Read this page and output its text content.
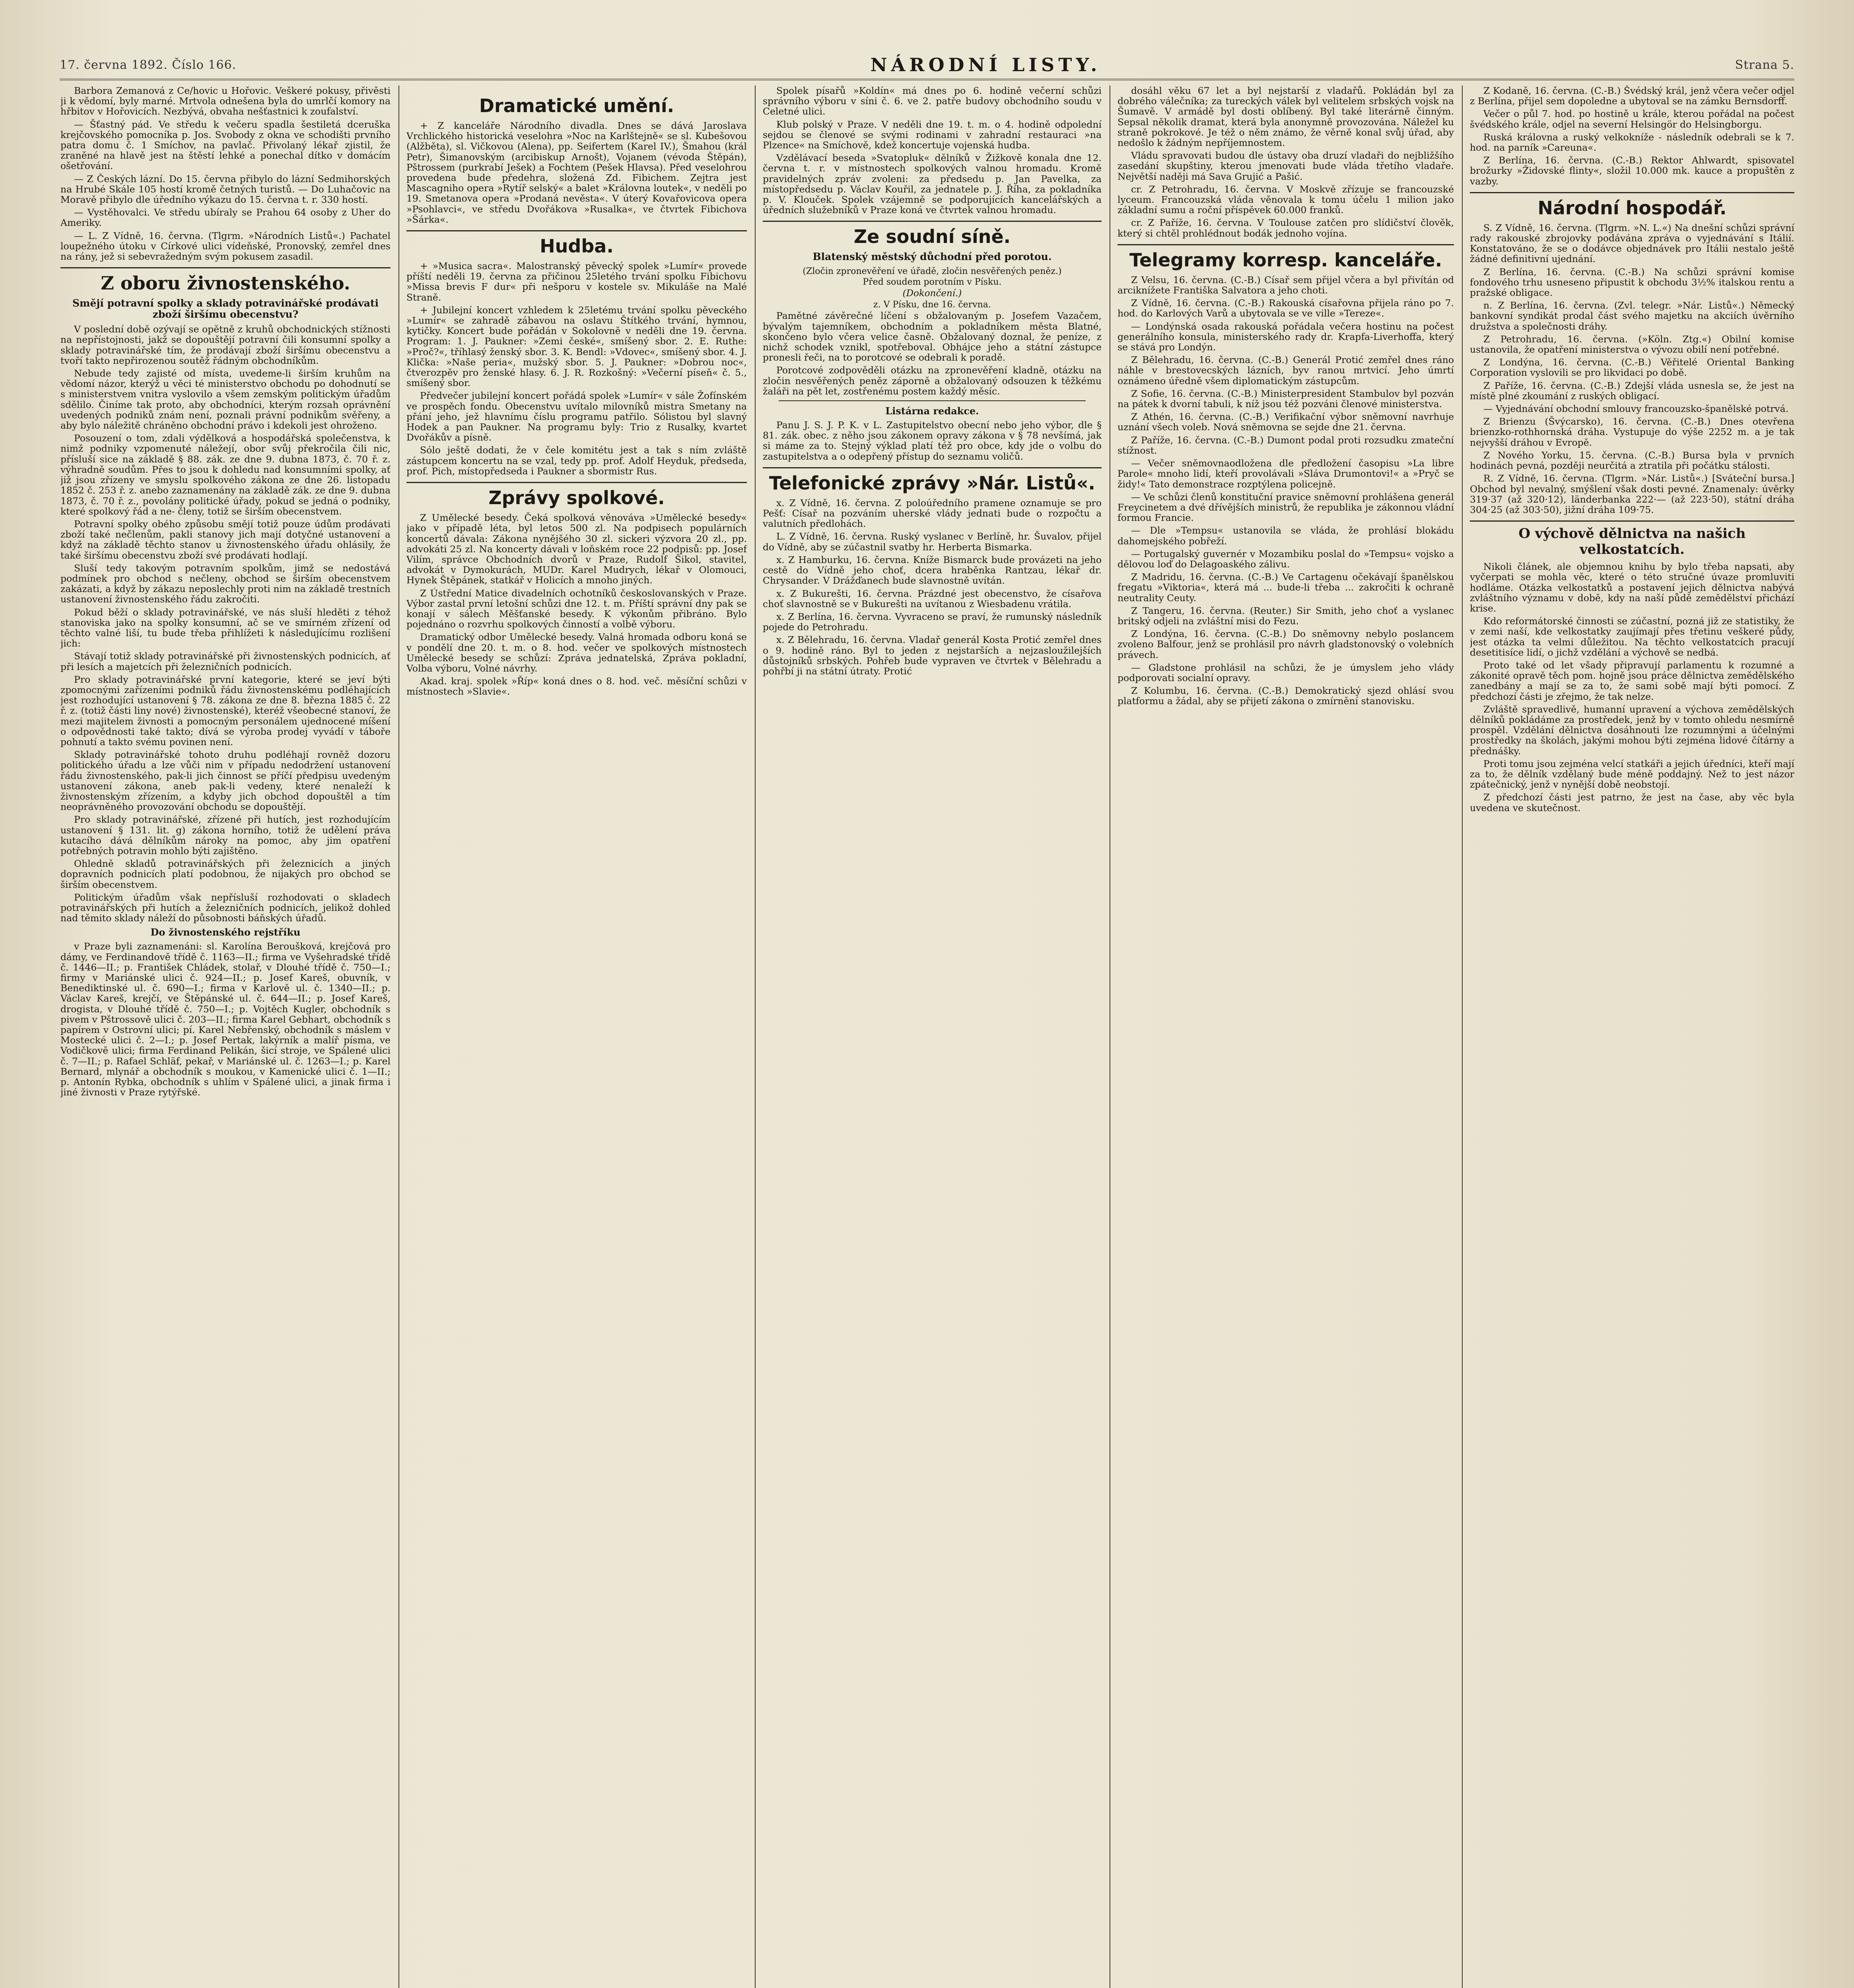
17. června 1892. Číslo 166.	NÁRODNÍ LISTY.	Strana 5.

Barbora Zemanová z Ce/hovic u Hořovic. Veškeré pokusy, přivěsti ji k vědomí, byly marné. Mrtvola odnešena byla do umrlčí komory na hřbitov v Hořovicích. Nezbývá, obvaha nešťastnici k zoufalství.

— Šťastný pád. Ve středu k večeru spadla šestiletá dceruška krejčovského pomocníka p. Jos. Svobody z okna ve schodišti prvního patra domu č. 1 Smíchov, na pavlač. Přivolaný lékař zjistil, že zraněné na hlavě jest na štěstí lehké a ponechal dítko v domácím ošetřování.

— Z Českých lázní. Do 15. června přibylo do lázní Sedmihorských na Hrubé Skále 105 hostí kromě četných turistů. — Do Luhačovic na Moravě přibylo dle úředního výkazu do 15. června t. r. 330 hostí.

— Vystěhovalci. Ve středu ubíraly se Prahou 64 osoby z Uher do Ameriky.

— L. Z Vídně, 16. června. (Tlgrm. »Národních Listů«.) Pachatel loupežného útoku v Církové ulici vídeňské, Pronovský, zemřel dnes na rány, jež si sebevražedným svým pokusem zasadil.

Z oboru živnostenského.
Smějí potravní spolky a sklady potravinářské prodávati zboží širšímu obecenstvu?

V poslední době ozývají se opětně z kruhů obchodnických stížnosti na nepřístojnosti, jakž se dopouštějí potravní čili konsumní spolky a sklady potravinářské tím, že prodávají zboží širšímu obecenstvu a tvoří takto nepřirozenou soutěž řádným obchodníkům.

Nebude tedy zajisté od místa, uvedeme-li širším kruhům na vědomí názor, kterýž u věci té ministerstvo obchodu po dohodnutí se s ministerstvem vnitra vyslovilo a všem zemským politickým úřadům sdělilo. Činíme tak proto, aby obchodníci, kterým rozsah oprávnění uvedených podniků znám není, poznali právní podnikům svěřeny, a aby bylo náležitě chráněno obchodní právo i kdekoli jest ohroženo.

Posouzení o tom, zdali výdělková a hospodářská společenstva, k nimž podniky vzpomenuté náležejí, obor svůj překročila čili nic, přísluší sice na základě § 88. zák. ze dne 9. dubna 1873, č. 70 ř. z. výhradně soudům. Přes to jsou k dohledu nad konsumními spolky, ať již jsou zřízeny ve smyslu spolkového zákona ze dne 26. listopadu 1852 č. 253 ř. z. anebo zaznamenány na základě zák. ze dne 9. dubna 1873, č. 70 ř. z., povolány politické úřady, pokud se jedná o podniky, které spolkový řád a ne- členy, totiž se širším obecenstvem.

Potravní spolky obého způsobu smějí totiž pouze údům prodávati zboží také nečlenům, pakli stanovy jich mají dotyčné ustanovení a když na základě těchto stanov u živnostenského úřadu ohlásily, že také širšímu obecenstvu zboží své prodávati hodlají.

Sluší tedy takovým potravním spolkům, jimž se nedostává podmínek pro obchod s nečleny, obchod se širším obecenstvem zakázati, a když by zákazu neposlechly proti nim na základě trestních ustanovení živnostenského řádu zakročiti.

Pokud běží o sklady potravinářské, ve nás sluší hleděti z téhož stanoviska jako na spolky konsumní, ač se ve smírném zřízení od těchto valné liší, tu bude třeba přihlížeti k následujícímu rozlišení jich:

Stávají totiž sklady potravinářské při živnostenských podnicích, ať při lesích a majetcích při železničních podnicích.

Pro sklady potravinářské první kategorie, které se jeví býti zpomocnými zařízeními podniků řádu živnostenskému podléhajících jest rozhodující ustanovení § 78. zákona ze dne 8. března 1885 č. 22 ř. z. (totiž části liny nové) živnostenské), kteréž všeobecné stanoví, že mezi majitelem živnosti a pomocným personálem ujednocené míšení o odpovědnosti také takto; dívá se výroba prodej vyvádí v táboře pohnutí a takto svému povinen není.

Sklady potravinářské tohoto druhu podléhají rovněž dozoru politického úřadu a lze vůči nim v případu nedodržení ustanovení řádu živnostenského, pak-li jich činnost se příčí předpisu uvedeným ustanovení zákona, aneb pak-li vedeny, které nenaleží k živnostenským zřízením, a kdyby jich obchod dopouštěl a tím neoprávněného provozování obchodu se dopouštějí.

Pro sklady potravinářské, zřízené při hutích, jest rozhodujícím ustanovení § 131. lit. g) zákona horního, totiž že udělení práva kutacího dává dělníkům nároky na pomoc, aby jim opatření potřebných potravin mohlo býti zajištěno.

Ohledně skladů potravinářských při železnicích a jiných dopravních podnicích platí podobnou, že nijakých pro obchod se širším obecenstvem.

Politickým úřadům však nepřísluší rozhodovati o skladech potravinářských při hutích a železničních podnicích, jelikož dohled nad těmito sklady náleží do působnosti báňských úřadů.

Do živnostenského rejstříku

v Praze byli zaznamenáni: sl. Karolína Beroušková, krejčová pro dámy, ve Ferdinandově třídě č. 1163—II.; firma ve Vyšehradské třídě č. 1446—II.; p. František Chládek, stolař, v Dlouhé třídě č. 750—I.; firmy v Mariánské ulici č. 924—II.; p. Josef Kareš, obuvník, v Benediktinské ul. č. 690—I.; firma v Karlově ul. č. 1340—II.; p. Václav Kareš, krejčí, ve Štěpánské ul. č. 644—II.; p. Josef Kareš, drogista, v Dlouhé třídě č. 750—I.; p. Vojtěch Kugler, obchodník s pivem v Pštrossově ulici č. 203—II.; firma Karel Gebhart, obchodník s papírem v Ostrovní ulici; pí. Karel Nebřenský, obchodník s máslem v Mostecké ulici č. 2—I.; p. Josef Pertak, lakýrník a malíř písma, ve Vodičkově ulici; firma Ferdinand Pelikán, šicí stroje, ve Spálené ulici č. 7—II.; p. Rafael Schläf, pekař, v Mariánské ul. č. 1263—I.; p. Karel Bernard, mlynář a obchodník s moukou, v Kamenické ulici č. 1—II.; p. Antonín Rybka, obchodník s uhlím v Spálené ulici, a jinak firma i jiné živnosti v Praze rytýřské.

Dramatické umění.

+ Z kanceláře Národního divadla. Dnes se dává Jaroslava Vrchlického historická veselohra »Noc na Karlštejně« se sl. Kubešovou (Alžběta), sl. Vičkovou (Alena), pp. Seifertem (Karel IV.), Šmahou (král Petr), Šimanovským (arcibiskup Arnošt), Vojanem (vévoda Štěpán), Pštrossem (purkrabí Ješek) a Fochtem (Pešek Hlavsa). Před veselohrou provedena bude předehra, složená Zd. Fibichem. Zejtra jest Mascagniho opera »Rytíř selský« a balet »Královna loutek«, v neděli po 19. Smetanova opera »Prodaná nevěsta«. V úterý Kovařovicova opera »Psohlavci«, ve středu Dvořákova »Rusalka«, ve čtvrtek Fibichova »Šárka«.

Hudba.

+ »Musica sacra«. Malostranský pěvecký spolek »Lumír« provede příští neděli 19. června za přičinou 25letého trvání spolku Fibichovu »Missa brevis F dur« při nešporu v kostele sv. Mikuláše na Malé Straně.

+ Jubilejní koncert vzhledem k 25letému trvání spolku pěveckého »Lumír« se zahradě zábavou na oslavu Štítkého trvání, hymnou, kytičky. Koncert bude pořádán v Sokolovně v neděli dne 19. června. Program: 1. J. Paukner: »Zemi české«, smíšený sbor. 2. E. Ruthe: »Proč?«, tříhlasý ženský sbor. 3. K. Bendl: »Vdovec«, smíšený sbor. 4. J. Klička: »Naše peria«, mužský sbor. 5. J. Paukner: »Dobrou noc«, čtverozpěv pro ženské hlasy. 6. J. R. Rozkošný: »Večerní píseň« č. 5., smíšený sbor.

Předvečer jubilejní koncert pořádá spolek »Lumír« v sále Žofínském ve prospěch fondu. Obecenstvu uvítalo milovníků mistra Smetany na přání jeho, jež hlavnímu číslu programu patřilo. Sólistou byl slavný Hodek a pan Paukner. Na programu byly: Trio z Rusalky, kvartet Dvořákův a písně.

Sólo ještě dodati, že v čele komitétu jest a tak s ním zvláště zástupcem koncertu na se vzal, tedy pp. prof. Adolf Heyduk, předseda, prof. Pich, místopředseda i Paukner a sbormistr Rus.

Zprávy spolkové.

Z Umělecké besedy. Čeká spolková věnováva »Umělecké besedy« jako v případě léta, byl letos 500 zl. Na podpisech populárních koncertů dávala: Zákona nynějšého 30 zl. sickeri výzvora 20 zl., pp. advokáti 25 zl. Na koncerty dávali v loňském roce 22 podpisů: pp. Josef Vilím, správce Obchodních dvorů v Praze, Rudolf Šikol, stavitel, advokát v Dymokurách, MUDr. Karel Mudrych, lékař v Olomouci, Hynek Štěpánek, statkář v Holicích a mnoho jiných.

Z Ústřední Matice divadelních ochotníků českoslovanských v Praze. Výbor zastal první letošní schůzi dne 12. t. m. Příští správní dny pak se konají v sálech Měšťanské besedy. K výkonům přibráno. Bylo pojednáno o rozvrhu spolkových činností a volbě výboru.

Dramatický odbor Umělecké besedy. Valná hromada odboru koná se v pondělí dne 20. t. m. o 8. hod. večer ve spolkových místnostech Umělecké besedy se schůzí: Zpráva jednatelská, Zpráva pokladní, Volba výboru, Volné návrhy.

Akad. kraj. spolek »Říp« koná dnes o 8. hod. več. měsíční schůzi v místnostech »Slavie«.

Spolek písařů »Koldín« má dnes po 6. hodině večerní schůzi správního výboru v síni č. 6. ve 2. patře budovy obchodního soudu v Celetné ulici.

Klub polský v Praze. V neděli dne 19. t. m. o 4. hodině odpolední sejdou se členové se svými rodinami v zahradní restauraci »na Plzence« na Smíchově, kdež koncertuje vojenská hudba.

Vzdělávací beseda »Svatopluk« dělníků v Žižkově konala dne 12. června t. r. v místnostech spolkových valnou hromadu. Kromě pravidelných zpráv zvoleni: za předsedu p. Jan Pavelka, za místopředsedu p. Václav Kouřil, za jednatele p. J. Říha, za pokladníka p. V. Klouček. Spolek vzájemně se podporujících kancelářských a úředních služebníků v Praze koná ve čtvrtek valnou hromadu.

Ze soudní síně.
Blatenský městský důchodní před porotou.
(Zločin zpronevěření ve úřadě, zločin nesvěřených peněz.)
Před soudem porotním v Písku.
(Dokončení.)
z. V Písku, dne 16. června.

Pamětné závěrečné líčení s obžalovaným p. Josefem Vazačem, bývalým tajemníkem, obchodním a pokladníkem města Blatné, skončeno bylo včera velice časně. Obžalovaný doznal, že peníze, z nichž schodek vznikl, spotřeboval. Obhájce jeho a státní zástupce pronesli řeči, na to porotcové se odebrali k poradě.

Porotcové zodpověděli otázku na zpronevěření kladně, otázku na zločin nesvěřených peněz záporně a obžalovaný odsouzen k těžkému žaláři na pět let, zostřenému postem každý měsíc.

Listárna redakce.

Panu J. S. J. P. K. v L. Zastupitelstvo obecní nebo jeho výbor, dle § 81. zák. obec. z něho jsou zákonem opravy zákona v § 78 nevšímá, jak si máme za to. Stejný výklad platí též pro obce, kdy jde o volbu do zastupitelstva a o odepřený přístup do seznamu voličů.

Telefonické zprávy »Nár. Listů«.

x. Z Vídně, 16. června. Z poloúředního pramene oznamuje se pro Pešť: Císař na pozváním uherské vlády jednati bude o rozpočtu a valutních předlohách.

L. Z Vídně, 16. června. Ruský vyslanec v Berlíně, hr. Šuvalov, přijel do Vídně, aby se zúčastnil svatby hr. Herberta Bismarka.

x. Z Hamburku, 16. června. Kníže Bismarck bude provázeti na jeho cestě do Vídně jeho choť, dcera hraběnka Rantzau, lékař dr. Chrysander. V Drážďanech bude slavnostně uvítán.

x. Z Bukurešti, 16. června. Prázdné jest obecenstvo, že císařova choť slavnostně se v Bukurešti na uvítanou z Wiesbadenu vrátila.

x. Z Berlína, 16. června. Vyvraceno se praví, že rumunský následník pojede do Petrohradu.

x. Z Bělehradu, 16. června. Vladař generál Kosta Protić zemřel dnes o 9. hodině ráno. Byl to jeden z nejstarších a nejzasloužilejších důstojníků srbských. Pohřeb bude vypraven ve čtvrtek v Bělehradu a pohřbí ji na státní útraty. Protić

dosáhl věku 67 let a byl nejstarší z vladařů. Pokládán byl za dobrého válečníka; za tureckých válek byl velitelem srbských vojsk na Šumavě. V armádě byl dosti oblíbený. Byl také literárně činným. Sepsal několik dramat, která byla anonymně provozována. Náležel ku straně pokrokové. Je též o něm známo, že věrně konal svůj úřad, aby nedošlo k žádným nepříjemnostem.

Vládu spravovati budou dle ústavy oba druzí vladaři do nejbližšího zasedání skupštiny, kterou jmenovati bude vláda třetího vladaře. Největší naději má Sava Grujić a Pašić.

cr. Z Petrohradu, 16. června. V Moskvě zřízuje se francouzské lyceum. Francouzská vláda věnovala k tomu účelu 1 milion jako základní sumu a roční příspěvek 60.000 franků.

cr. Z Paříže, 16. června. V Toulouse zatčen pro slídičství člověk, který si chtěl prohlédnout bodák jednoho vojína.

Telegramy korresp. kanceláře.

Z Velsu, 16. června. (C.-B.) Císař sem přijel včera a byl přivítán od arciknížete Františka Salvatora a jeho choti.

Z Vídně, 16. června. (C.-B.) Rakouská císařovna přijela ráno po 7. hod. do Karlových Varů a ubytovala se ve ville »Tereze«.

— Londýnská osada rakouská pořádala večera hostinu na počest generálního konsula, ministerského rady dr. Krapfa-Liverhoffa, který se stává pro Londýn.

Z Bělehradu, 16. června. (C.-B.) Generál Protić zemřel dnes ráno náhle v brestovecských lázních, byv ranou mrtvicí. Jeho úmrtí oznámeno úředně všem diplomatickým zástupcům.

Z Sofie, 16. června. (C.-B.) Ministerpresident Stambulov byl pozván na pátek k dvorní tabuli, k níž jsou též pozváni členové ministerstva.

Z Athén, 16. června. (C.-B.) Verifikační výbor sněmovní navrhuje uznání všech voleb. Nová sněmovna se sejde dne 21. června.

Z Paříže, 16. června. (C.-B.) Dumont podal proti rozsudku zmateční stížnost.

— Večer sněmovnaodložena dle předložení časopisu »La libre Parole« mnoho lidí, kteří provolávali »Sláva Drumontovi!« a »Pryč se židy!« Tato demonstrace rozptýlena policejně.

— Ve schůzi členů konstituční pravice sněmovní prohlášena generál Freycinetem a dvé dřívějších ministrů, že republika je zákonnou vládní formou Francie.

— Dle »Tempsu« ustanovila se vláda, že prohlásí blokádu dahomejského pobřeží.

— Portugalský guvernér v Mozambiku poslal do »Tempsu« vojsko a dělovou loď do Delagoaského zálivu.

Z Madridu, 16. června. (C.-B.) Ve Cartagenu očekávají španělskou fregatu »Viktoria«, která má ... bude-li třeba ... zakročiti k ochraně neutrality Ceuty.

Z Tangeru, 16. června. (Reuter.) Sir Smith, jeho choť a vyslanec britský odjeli na zvláštní misi do Fezu.

Z Londýna, 16. června. (C.-B.) Do sněmovny nebylo poslancem zvoleno Balfour, jenž se prohlásil pro návrh gladstonovský o volebních právech.

— Gladstone prohlásil na schůzi, že je úmyslem jeho vlády podporovati socialní opravy.

Z Kolumbu, 16. června. (C.-B.) Demokratický sjezd ohlásí svou platformu a žádal, aby se přijetí zákona o zmírnění stanovisku.

Z Kodaně, 16. června. (C.-B.) Švédský král, jenž včera večer odjel z Berlína, přijel sem dopoledne a ubytoval se na zámku Bernsdorff.

Večer o půl 7. hod. po hostině u krále, kterou pořádal na počest švédského krále, odjel na severní Helsingör do Helsingborgu.

Ruská královna a ruský velkokníže - následník odebrali se k 7. hod. na parník »Careuna«.

Z Berlína, 16. června. (C.-B.) Rektor Ahlwardt, spisovatel brožurky »Židovské flinty«, složil 10.000 mk. kauce a propuštěn z vazby.

Národní hospodář.

S. Z Vídně, 16. června. (Tlgrm. »N. L.«) Na dnešní schůzi správní rady rakouské zbrojovky podávána zpráva o vyjednávání s Itálií. Konstatováno, že se o dodávce objednávek pro Itálii nestalo ještě žádné definitivní ujednání.

Z Berlína, 16. června. (C.-B.) Na schůzi správní komise fondového trhu usneseno připustit k obchodu 3½% italskou rentu a pražské obligace.

n. Z Berlína, 16. června. (Zvl. telegr. »Nár. Listů«.) Německý bankovní syndikát prodal část svého majetku na akciích úvěrního družstva a společnosti dráhy.

Z Petrohradu, 16. června. (»Köln. Ztg.«) Obilní komise ustanovila, že opatření ministerstva o vývozu obilí není potřebné.

Z Londýna, 16. června. (C.-B.) Věřitelé Oriental Banking Corporation vyslovili se pro likvidaci po době.

Z Paříže, 16. června. (C.-B.) Zdejší vláda usnesla se, že jest na místě plné zkoumání z ruských obligací.

— Vyjednávání obchodní smlouvy francouzsko-španělské potrvá.

Z Brienzu (Švýcarsko), 16. června. (C.-B.) Dnes otevřena brienzko-rothhornská dráha. Vystupuje do výše 2252 m. a je tak nejvyšší dráhou v Evropě.

Z Nového Yorku, 15. června. (C.-B.) Bursa byla v prvních hodinách pevná, později neurčitá a ztratila při počátku stálosti.

R. Z Vídně, 16. června. (Tlgrm. »Nár. Listů«.) [Sváteční bursa.] Obchod byl nevalný, smýšlení však dosti pevné. Znamenaly: úvěrky 319·37 (až 320·12), länderbanka 222·— (až 223·50), státní dráha 304·25 (až 303·50), jižní dráha 109·75.

O výchově dělnictva na našich velkostatcích.

Nikoli článek, ale objemnou knihu by bylo třeba napsati, aby vyčerpati se mohla věc, které o této stručné úvaze promluviti hodláme. Otázka velkostatků a postavení jejich dělnictva nabývá zvláštního významu v době, kdy na naší půdě zemědělství přichází krise.

Kdo reformátorské činnosti se zúčastní, pozná již ze statistiky, že v zemi naší, kde velkostatky zaujímají přes třetinu veškeré půdy, jest otázka ta velmi důležitou. Na těchto velkostatcích pracují desetitisíce lidí, o jichž vzdělání a výchově se nedbá.

Proto také od let všady připravují parlamentu k rozumné a zákonité opravě těch pom. hojně jsou práce dělnictva zemědělského zanedbány a mají se za to, že sami sobě mají býti pomocí. Z předchozí části je zřejmo, že tak nelze.

Zvláště spravedlivě, humanní upravení a výchova zemědělských dělníků pokládáme za prostředek, jenž by v tomto ohledu nesmírně prospěl. Vzdělání dělnictva dosáhnouti lze rozumnými a účelnými prostředky na školách, jakými mohou býti zejména lidové čítárny a přednášky.

Proti tomu jsou zejména velcí statkáři a jejich úředníci, kteří mají za to, že dělník vzdělaný bude méně poddajný. Než to jest názor zpátečnický, jenž v nynější době neobstojí.

Z předchozí části jest patrno, že jest na čase, aby věc byla uvedena ve skutečnost.
